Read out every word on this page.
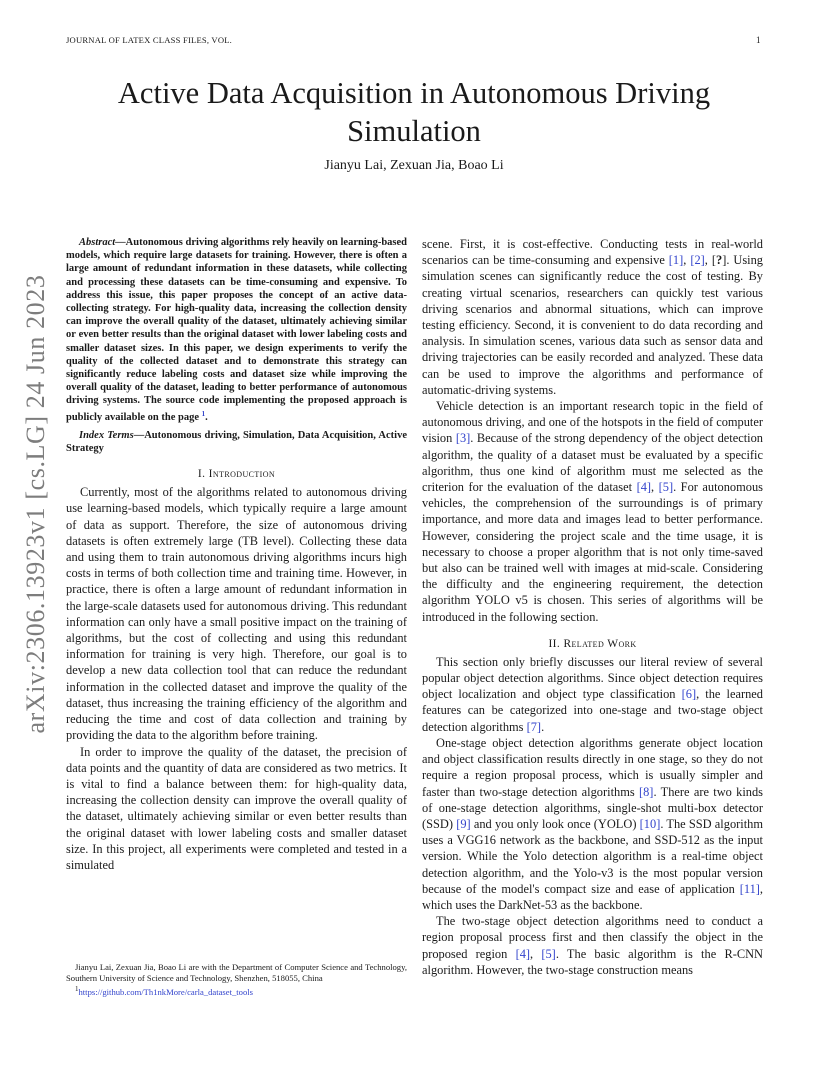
JOURNAL OF LATEX CLASS FILES, VOL.	1
arXiv:2306.13923v1 [cs.LG] 24 Jun 2023
Active Data Acquisition in Autonomous Driving Simulation
Jianyu Lai, Zexuan Jia, Boao Li

Abstract—Autonomous driving algorithms rely heavily on learning-based models, which require large datasets for training. However, there is often a large amount of redundant information in these datasets, while collecting and processing these datasets can be time-consuming and expensive. To address this issue, this paper proposes the concept of an active data-collecting strategy. For high-quality data, increasing the collection density can improve the overall quality of the dataset, ultimately achieving similar or even better results than the original dataset with lower labeling costs and smaller dataset sizes. In this paper, we design experiments to verify the quality of the collected dataset and to demonstrate this strategy can significantly reduce labeling costs and dataset size while improving the overall quality of the dataset, leading to better performance of autonomous driving systems. The source code implementing the proposed approach is publicly available on the page $^1$.

Index Terms—Autonomous driving, Simulation, Data Acquisition, Active Strategy

I. Introduction

Currently, most of the algorithms related to autonomous driving use learning-based models, which typically require a large amount of data as support. Therefore, the size of autonomous driving datasets is often extremely large (TB level). Collecting these data and using them to train autonomous driving algorithms incurs high costs in terms of both collection time and training time. However, in practice, there is often a large amount of redundant information in the large-scale datasets used for autonomous driving. This redundant information can only have a small positive impact on the training of algorithms, but the cost of collecting and using this redundant information for training is very high. Therefore, our goal is to develop a new data collection tool that can reduce the redundant information in the collected dataset and improve the quality of the dataset, thus increasing the training efficiency of the algorithm and reducing the time and cost of data collection and training by providing the data to the algorithm before training.

In order to improve the quality of the dataset, the precision of data points and the quantity of data are considered as two metrics. It is vital to find a balance between them: for high-quality data, increasing the collection density can improve the overall quality of the dataset, ultimately achieving similar or even better results than the original dataset with lower labeling costs and smaller dataset size. In this project, all experiments were completed and tested in a simulated

Jianyu Lai, Zexuan Jia, Boao Li are with the Department of Computer Science and Technology, Southern University of Science and Technology, Shenzhen, 518055, China

$^1$https://github.com/Th1nkMore/carla_dataset_tools

scene. First, it is cost-effective. Conducting tests in real-world scenarios can be time-consuming and expensive [1], [2], [?]. Using simulation scenes can significantly reduce the cost of testing. By creating virtual scenarios, researchers can quickly test various driving scenarios and abnormal situations, which can improve testing efficiency. Second, it is convenient to do data recording and analysis. In simulation scenes, various data such as sensor data and driving trajectories can be easily recorded and analyzed. These data can be used to improve the algorithms and performance of automatic-driving systems.

Vehicle detection is an important research topic in the field of autonomous driving, and one of the hotspots in the field of computer vision [3]. Because of the strong dependency of the object detection algorithm, the quality of a dataset must be evaluated by a specific algorithm, thus one kind of algorithm must me selected as the criterion for the evaluation of the dataset [4], [5]. For autonomous vehicles, the comprehension of the surroundings is of primary importance, and more data and images lead to better performance. However, considering the project scale and the time usage, it is necessary to choose a proper algorithm that is not only time-saved but also can be trained well with images at mid-scale. Considering the difficulty and the engineering requirement, the detection algorithm YOLO v5 is chosen. This series of algorithms will be introduced in the following section.

II. Related Work

This section only briefly discusses our literal review of several popular object detection algorithms. Since object detection requires object localization and object type classification [6], the learned features can be categorized into one-stage and two-stage object detection algorithms [7].

One-stage object detection algorithms generate object location and object classification results directly in one stage, so they do not require a region proposal process, which is usually simpler and faster than two-stage detection algorithms [8]. There are two kinds of one-stage detection algorithms, single-shot multi-box detector (SSD) [9] and you only look once (YOLO) [10]. The SSD algorithm uses a VGG16 network as the backbone, and SSD-512 as the input version. While the Yolo detection algorithm is a real-time object detection algorithm, and the Yolo-v3 is the most popular version because of the model's compact size and ease of application [11], which uses the DarkNet-53 as the backbone.

The two-stage object detection algorithms need to conduct a region proposal process first and then classify the object in the proposed region [4], [5]. The basic algorithm is the R-CNN algorithm. However, the two-stage construction means
